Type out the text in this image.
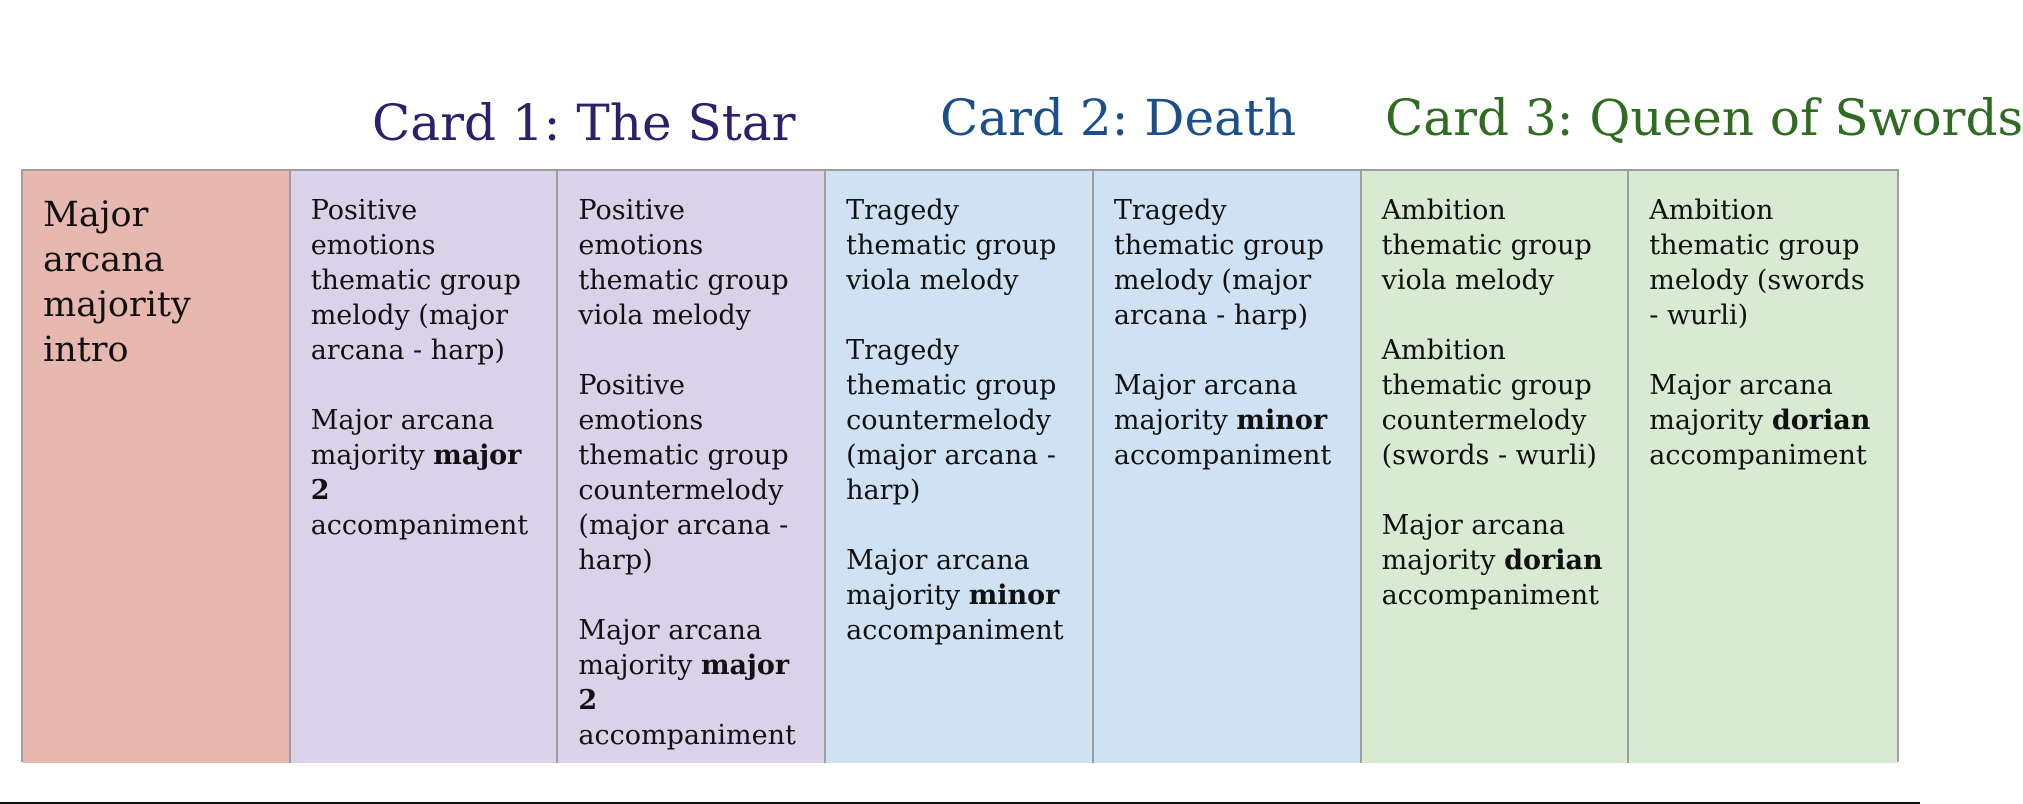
Card 1: The Star	Card 2: Death Card 3: Queen of Swords
Major arcana majority intro
Positive emotions thematic group melody (major arcana - harp)
Major arcana majority major 2 accompaniment
Positive emotions thematic group viola melody
Positive emotions thematic group countermelody (major arcana - harp)
Major arcana majority major 2 accompaniment
Tragedy thematic group viola melody
Tragedy thematic group countermelody (major arcana - harp)
Major arcana majority minor accompaniment
Tragedy thematic group melody (major arcana - harp)
Major arcana majority minor accompaniment
Ambition thematic group viola melody
Ambition thematic group countermelody (swords - wurli)
Major arcana majority dorian accompaniment
Ambition thematic group melody (swords - wurli)
Major arcana majority dorian accompaniment
